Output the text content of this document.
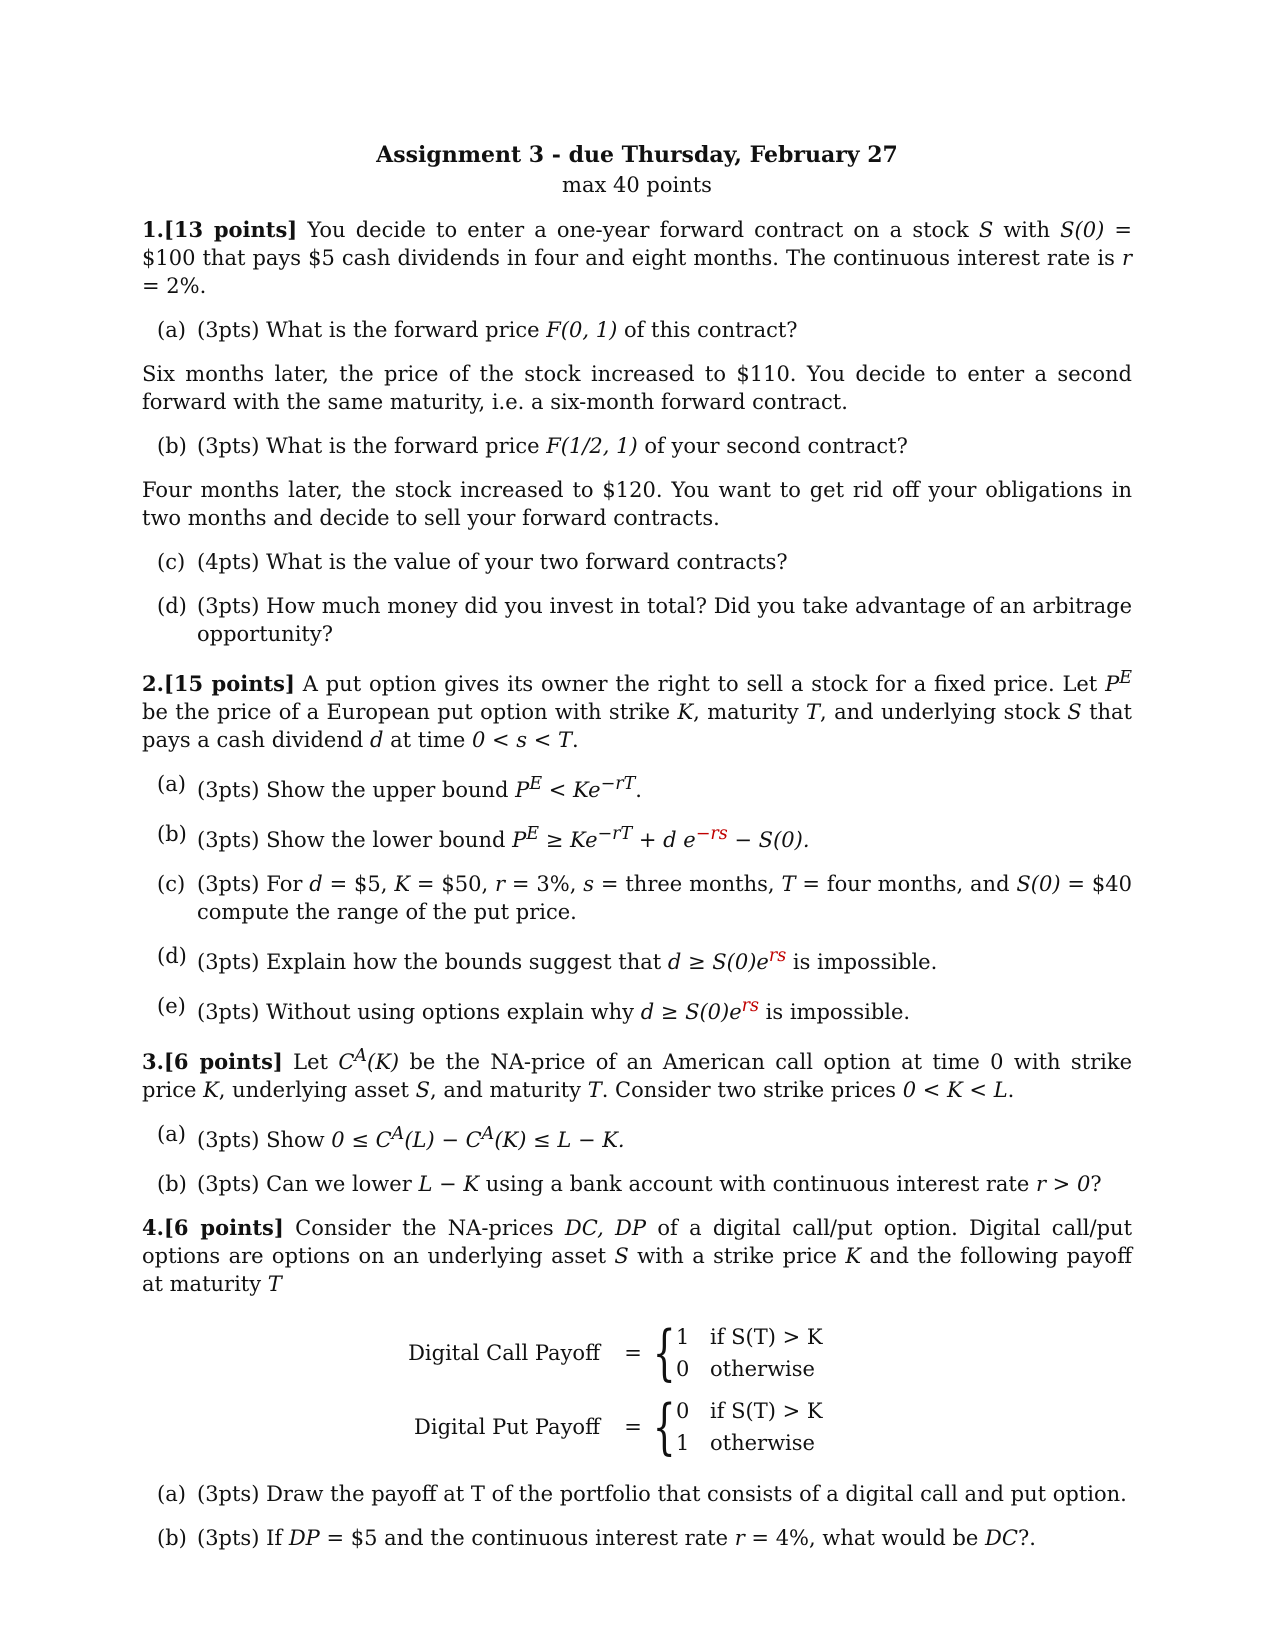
Assignment 3 - due Thursday, February 27
max 40 points

1.[13 points] You decide to enter a one-year forward contract on a stock S with S(0) = $100 that pays $5 cash dividends in four and eight months. The continuous interest rate is r = 2%.

(a) (3pts) What is the forward price F(0, 1) of this contract?

Six months later, the price of the stock increased to $110. You decide to enter a second forward with the same maturity, i.e. a six-month forward contract.

(b) (3pts) What is the forward price F(1/2, 1) of your second contract?

Four months later, the stock increased to $120. You want to get rid off your obligations in two months and decide to sell your forward contracts.

(c) (4pts) What is the value of your two forward contracts?
(d) (3pts) How much money did you invest in total? Did you take advantage of an arbitrage opportunity?

2.[15 points] A put option gives its owner the right to sell a stock for a fixed price. Let $P^E$ be the price of a European put option with strike K, maturity T, and underlying stock S that pays a cash dividend d at time 0 < s < T.

(a) (3pts) Show the upper bound $P^E < Ke^{-rT}$.
(b) (3pts) Show the lower bound $P^E \ge Ke^{-rT} + d$ $e^{-rs} - S(0)$.
(c) (3pts) For d = $5, K = $50, r = 3%, s = three months, T = four months, and S(0) = $40 compute the range of the put price.
(d) (3pts) Explain how the bounds suggest that $d \ge S(0)e^{rs}$ is impossible.
(e) (3pts) Without using options explain why $d \ge S(0)e^{rs}$ is impossible.

3.[6 points] Let $C^A(K)$ be the NA-price of an American call option at time 0 with strike price K, underlying asset S, and maturity T. Consider two strike prices 0 < K < L.

(a) (3pts) Show $0 \le C^A(L) - C^A(K) \le L - K$.
(b) (3pts) Can we lower L − K using a bank account with continuous interest rate r > 0?

4.[6 points] Consider the NA-prices DC, DP of a digital call/put option. Digital call/put options are options on an underlying asset S with a strike price K and the following payoff at maturity T

Digital Call Payoff	= { 1 if S(T) > K
0 otherwise
Digital Put Payoff	= { 0 if S(T) > K
1 otherwise
(a) (3pts) Draw the payoff at T of the portfolio that consists of a digital call and put option.
(b) (3pts) If DP = $5 and the continuous interest rate r = 4%, what would be DC?.
